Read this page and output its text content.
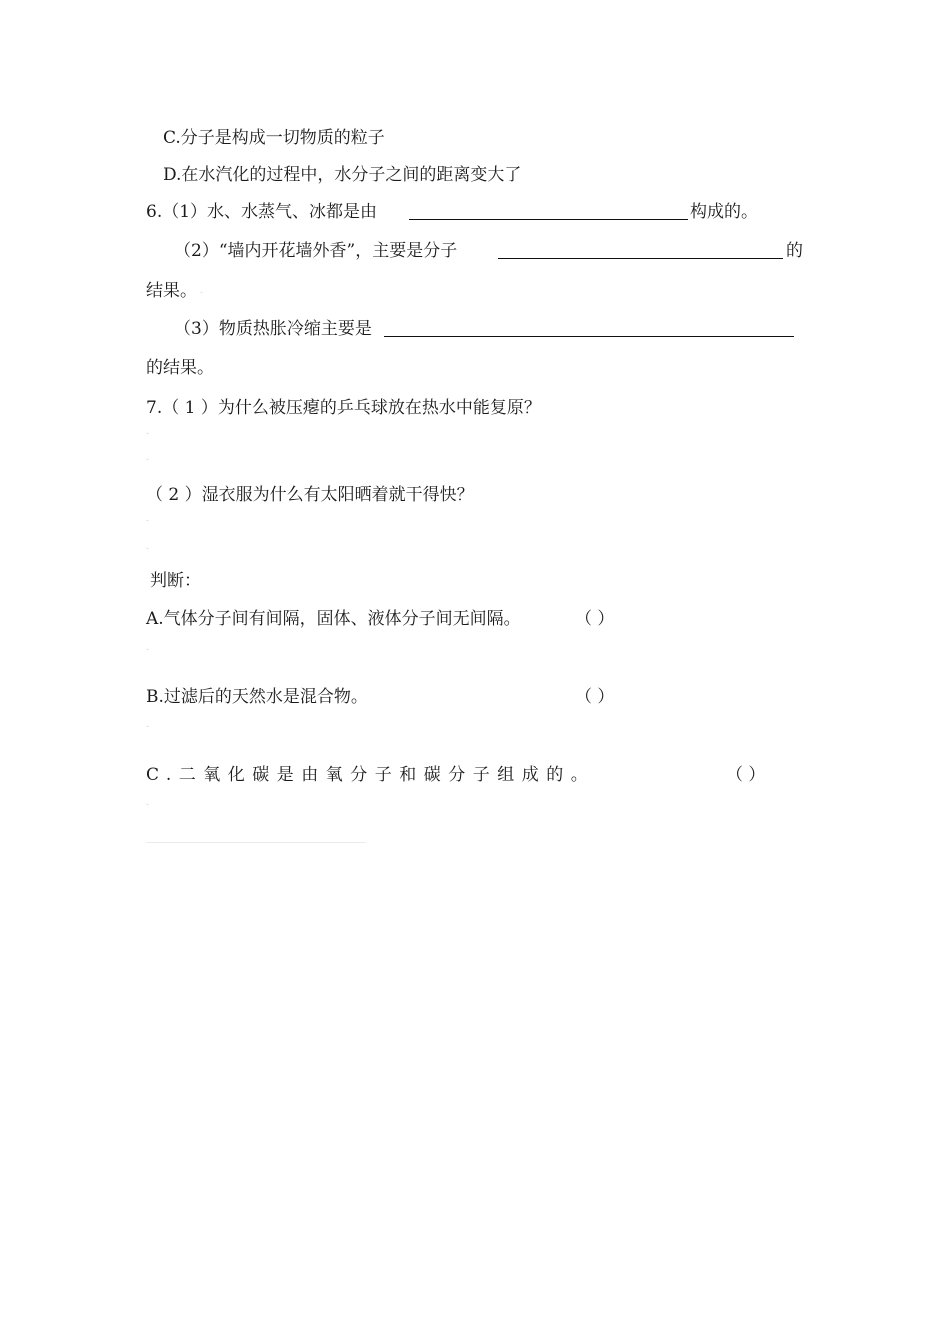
C.分子是构成一切物质的粒子
D.在水汽化的过程中，水分子之间的距离变大了
6.（1）水、水蒸气、冰都是由	构成的。
（2）“墙内开花墙外香”，主要是分子	的
结果。 -
（3）物质热胀冷缩主要是
的结果。
7.（ 1 ）为什么被压瘪的乒乓球放在热水中能复原？
-
-
（ 2 ）湿衣服为什么有太阳晒着就干得快？
-
-
判断：
A.气体分子间有间隔，固体、液体分子间无间隔。	（ ）
-
B.过滤后的天然水是混合物。	（ ）
-
C.二氧化碳是由氧分子和碳分子组成的。	（ ）
-
